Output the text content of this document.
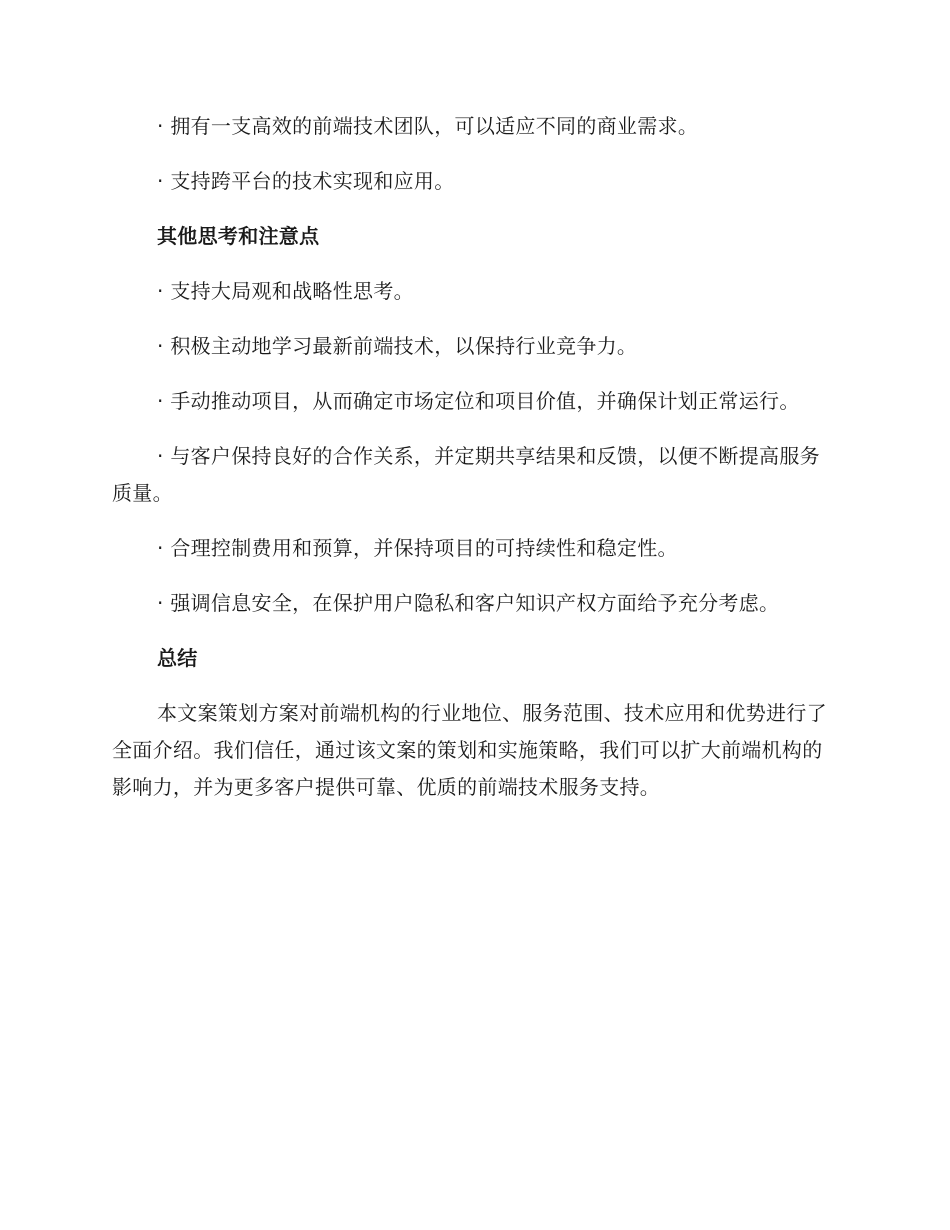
· 拥有一支高效的前端技术团队，可以适应不同的商业需求。

· 支持跨平台的技术实现和应用。

其他思考和注意点

· 支持大局观和战略性思考。

· 积极主动地学习最新前端技术，以保持行业竞争力。

· 手动推动项目，从而确定市场定位和项目价值，并确保计划正常运行。

· 与客户保持良好的合作关系，并定期共享结果和反馈，以便不断提高服务质量。

· 合理控制费用和预算，并保持项目的可持续性和稳定性。

· 强调信息安全，在保护用户隐私和客户知识产权方面给予充分考虑。

总结

本文案策划方案对前端机构的行业地位、服务范围、技术应用和优势进行了全面介绍。我们信任，通过该文案的策划和实施策略，我们可以扩大前端机构的影响力，并为更多客户提供可靠、优质的前端技术服务支持。
